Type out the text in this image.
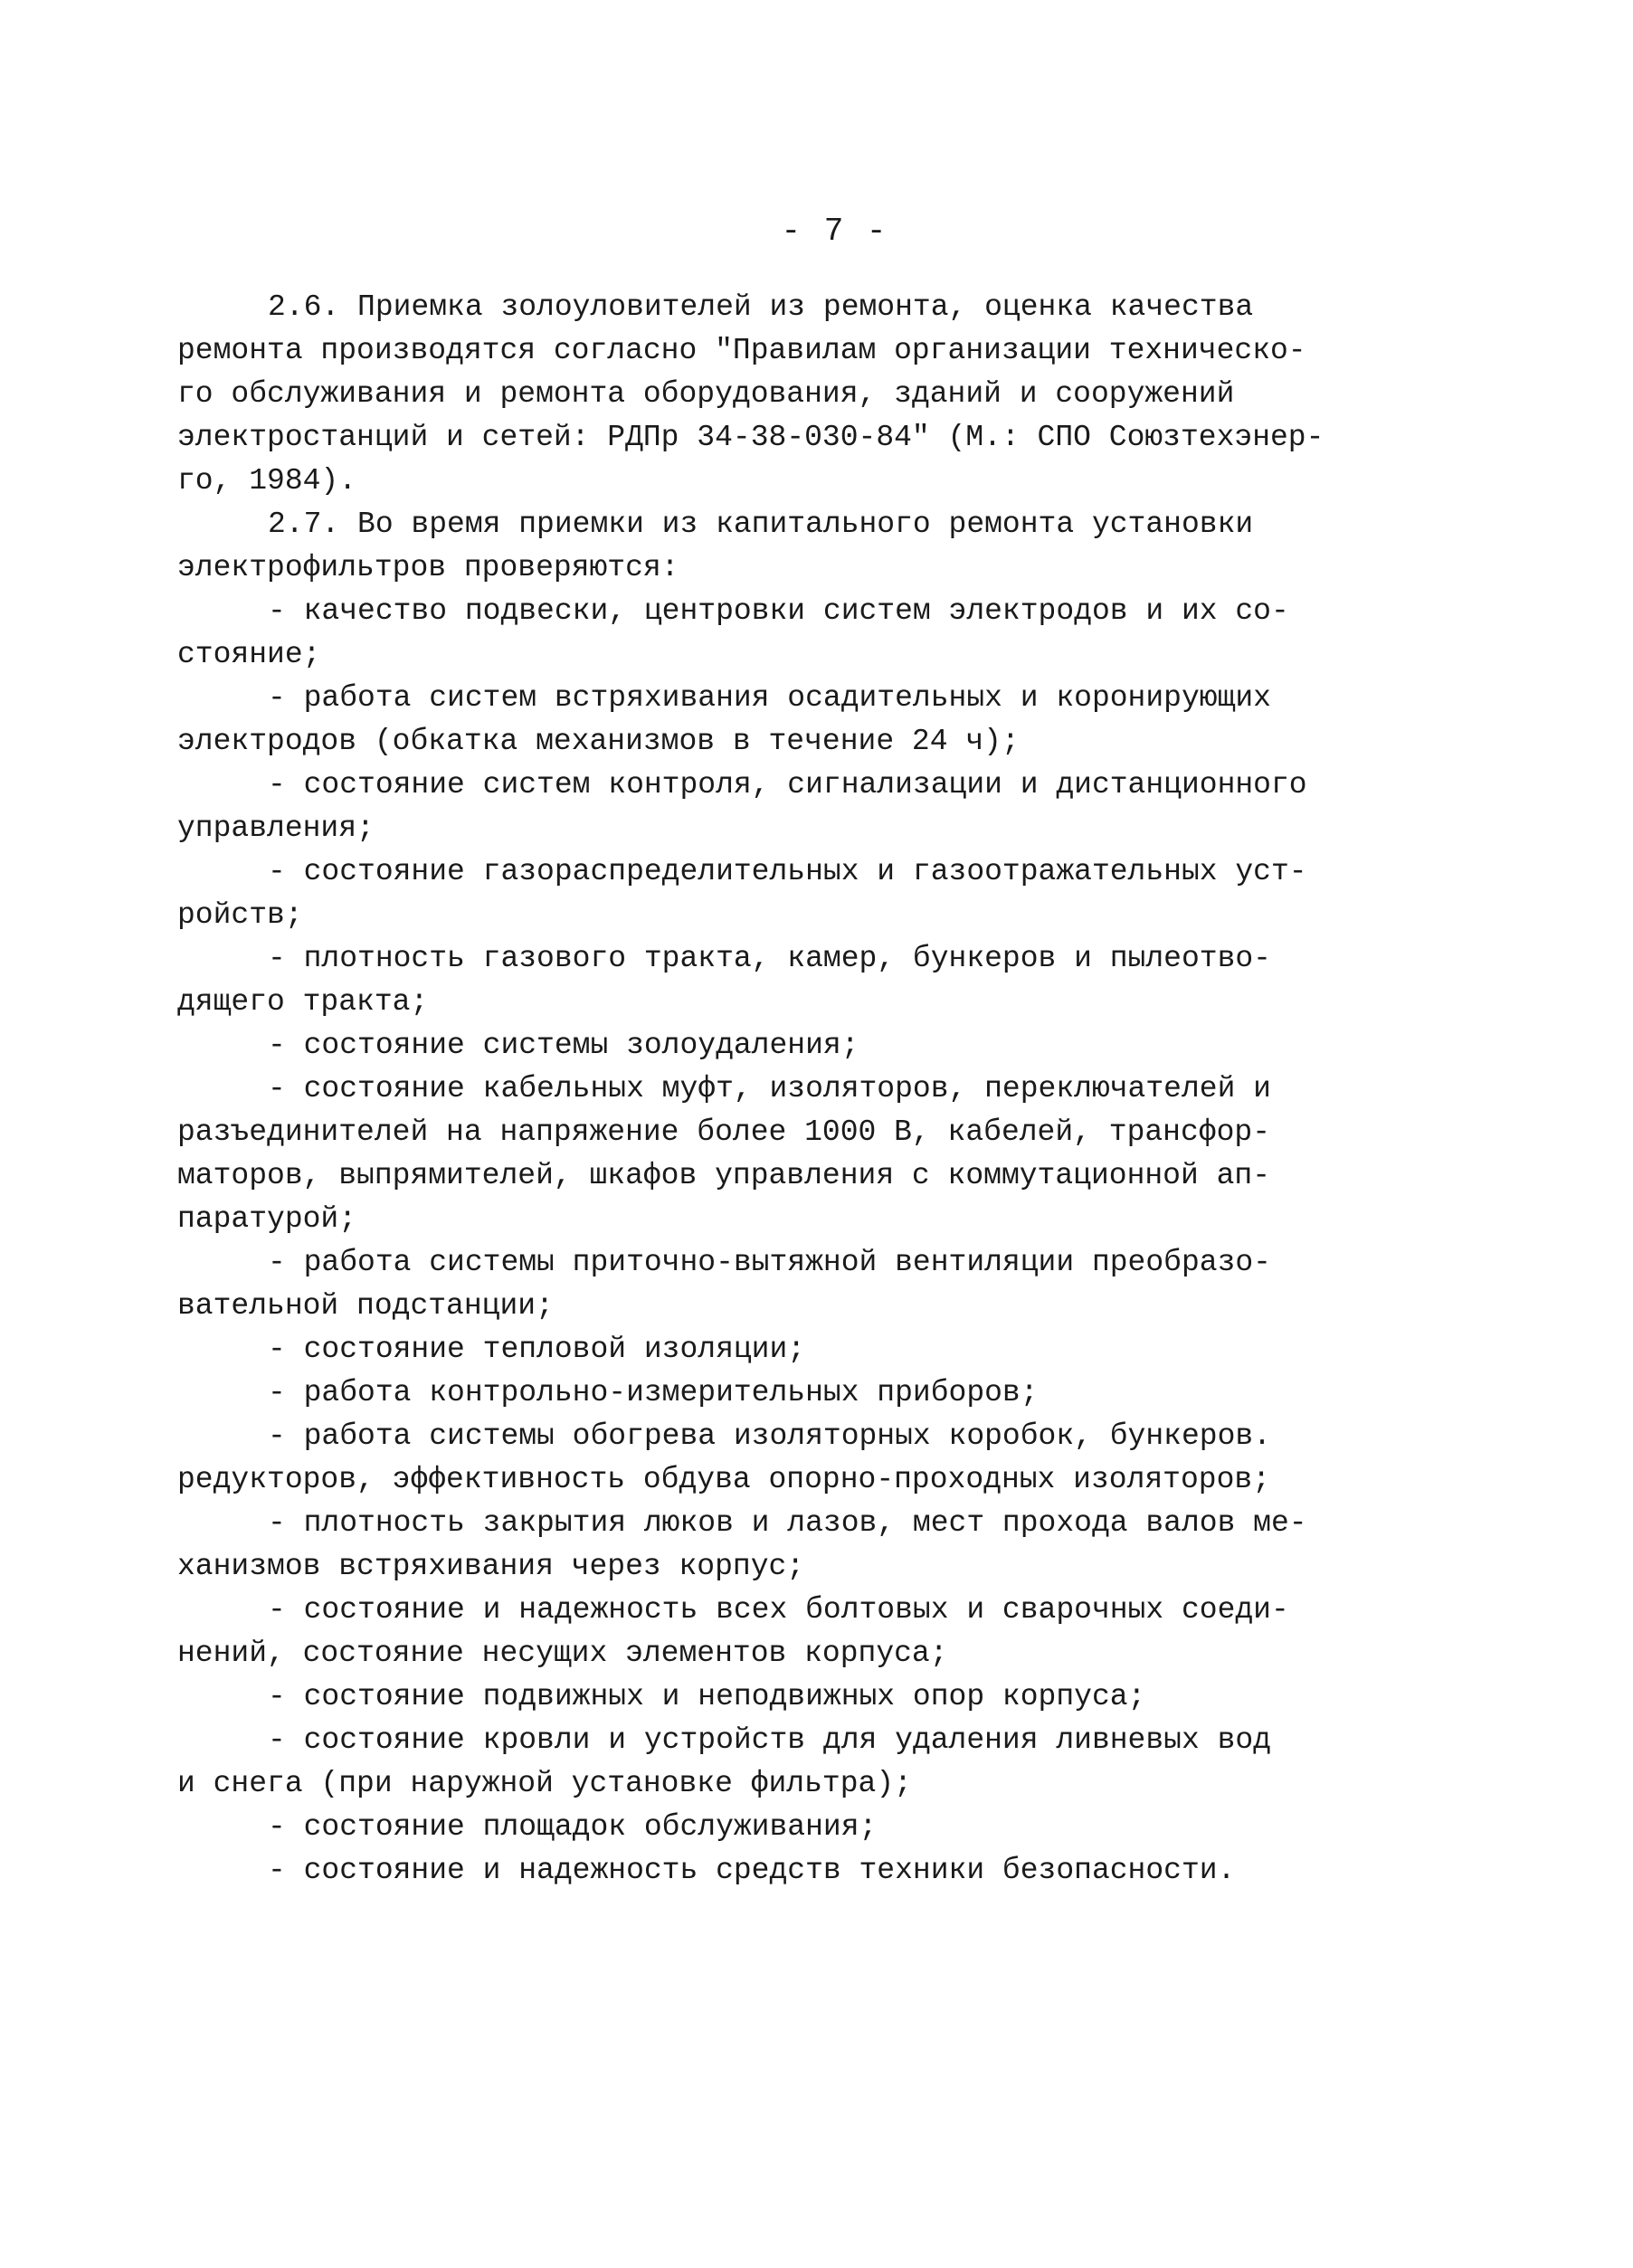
- 7 -
2.6. Приемка золоуловителей из ремонта, оценка качества
ремонта производятся согласно "Правилам организации техническо-
го обслуживания и ремонта оборудования, зданий и сооружений
электростанций и сетей: РДПр 34-38-030-84" (М.: СПО Союзтехэнер-
го, 1984).
2.7. Во время приемки из капитального ремонта установки
электрофильтров проверяются:
- качество подвески, центровки систем электродов и их со-
стояние;
- работа систем встряхивания осадительных и коронирующих
электродов (обкатка механизмов в течение 24 ч);
- состояние систем контроля, сигнализации и дистанционного
управления;
- состояние газораспределительных и газоотражательных уст-
ройств;
- плотность газового тракта, камер, бункеров и пылеотво-
дящего тракта;
- состояние системы золоудаления;
- состояние кабельных муфт, изоляторов, переключателей и
разъединителей на напряжение более 1000 В, кабелей, трансфор-
маторов, выпрямителей, шкафов управления с коммутационной ап-
паратурой;
- работа системы приточно-вытяжной вентиляции преобразо-
вательной подстанции;
- состояние тепловой изоляции;
- работа контрольно-измерительных приборов;
- работа системы обогрева изоляторных коробок, бункеров.
редукторов, эффективность обдува опорно-проходных изоляторов;
- плотность закрытия люков и лазов, мест прохода валов ме-
ханизмов встряхивания через корпус;
- состояние и надежность всех болтовых и сварочных соеди-
нений, состояние несущих элементов корпуса;
- состояние подвижных и неподвижных опор корпуса;
- состояние кровли и устройств для удаления ливневых вод
и снега (при наружной установке фильтра);
- состояние площадок обслуживания;
- состояние и надежность средств техники безопасности.
